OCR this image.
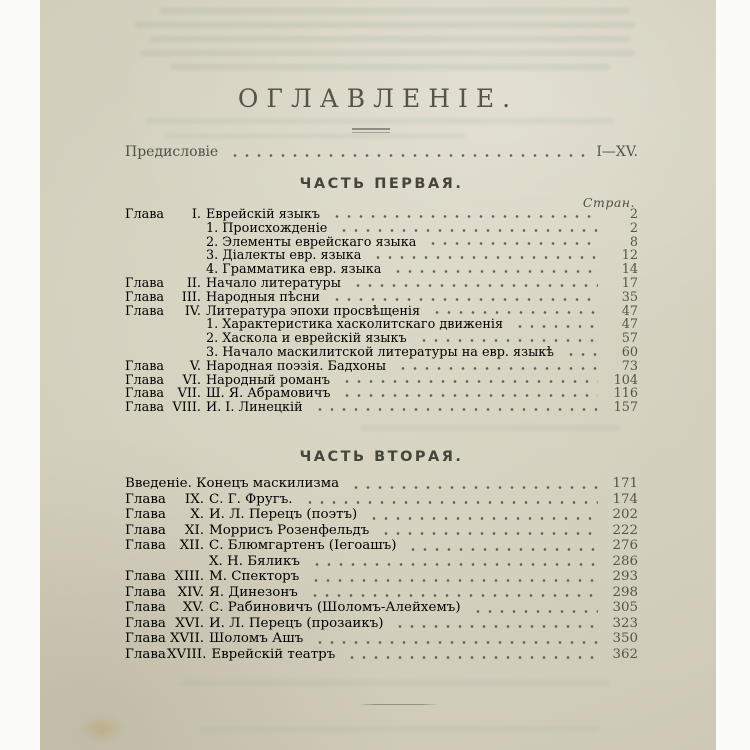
ОГЛАВЛЕНІЕ.
Предисловіе	I—XV.
ЧАСТЬ ПЕРВАЯ.
Стран.
Глава	I. Еврейскій языкъ	2
1. Происхожденіе	2
2. Элементы еврейскаго языка	8
3. Діалекты евр. языка	12
4. Грамматика евр. языка	14
Глава	II. Начало литературы	17
Глава	III. Народныя пѣсни	35
Глава	IV. Литература эпохи просвѣщенія	47
1. Характеристика хасколитскаго движенія	47
2. Хаскола и еврейскій языкъ	57
3. Начало маскилитской литературы на евр. языкѣ	60
Глава	V. Народная поэзія. Бадхоны	73
Глава	VI. Народный романъ	104
Глава	VII. Ш. Я. Абрамовичъ	116
Глава VIII. И. І. Линецкій	157
ЧАСТЬ ВТОРАЯ.
Введеніе. Конецъ маскилизма	171
Глава	IX. С. Г. Фругъ.	174
Глава	X. И. Л. Перецъ (поэтъ)	202
Глава	XI. Моррисъ Розенфельдъ	222
Глава	XII. С. Блюмгартенъ (Іегоашъ)	276
Х. Н. Бяликъ	286
Глава XIII. М. Спекторъ	293
Глава XIV. Я. Динезонъ	298
Глава	XV. С. Рабиновичъ (Шоломъ-Алейхемъ)	305
Глава XVI. И. Л. Перецъ (прозаикъ)	323
Глава XVII. Шоломъ Ашъ	350
Глава XVIII. Еврейскій театръ	362
